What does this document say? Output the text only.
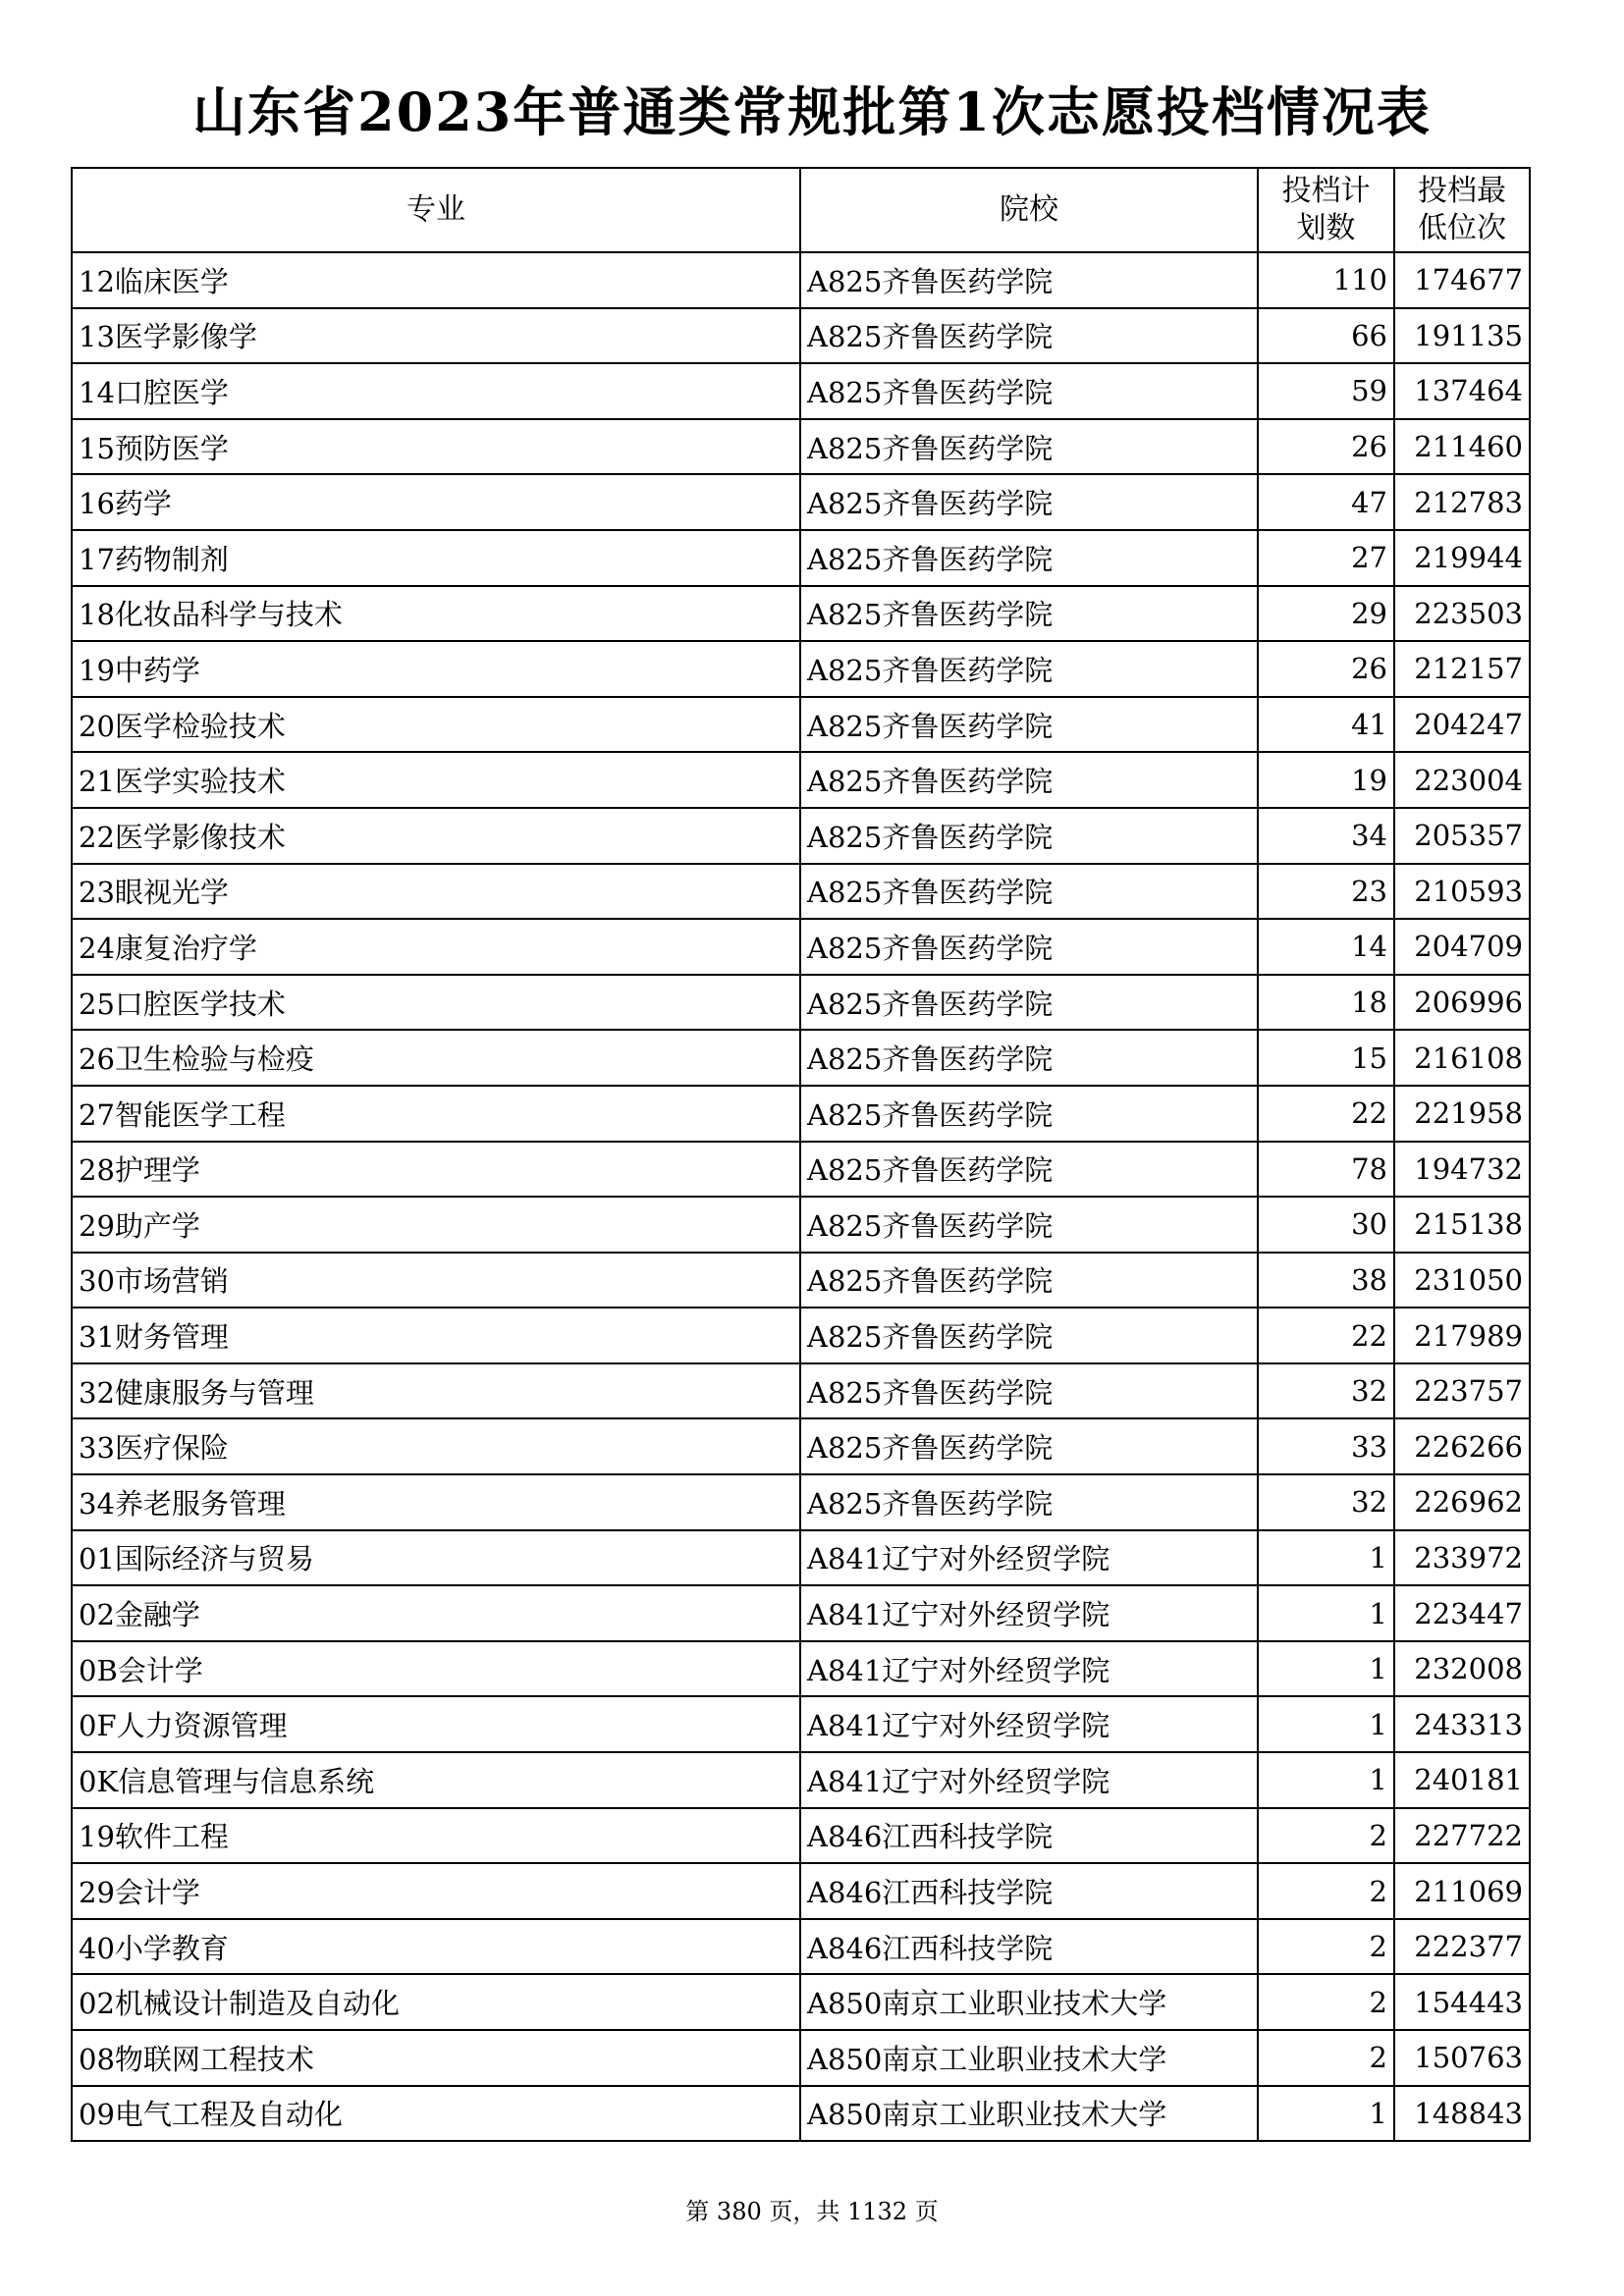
山东省2023年普通类常规批第1次志愿投档情况表
专业	院校	投档计划数	投档最低位次
12临床医学	A825齐鲁医药学院	110	174677
13医学影像学	A825齐鲁医药学院	66	191135
14口腔医学	A825齐鲁医药学院	59	137464
15预防医学	A825齐鲁医药学院	26	211460
16药学	A825齐鲁医药学院	47	212783
17药物制剂	A825齐鲁医药学院	27	219944
18化妆品科学与技术	A825齐鲁医药学院	29	223503
19中药学	A825齐鲁医药学院	26	212157
20医学检验技术	A825齐鲁医药学院	41	204247
21医学实验技术	A825齐鲁医药学院	19	223004
22医学影像技术	A825齐鲁医药学院	34	205357
23眼视光学	A825齐鲁医药学院	23	210593
24康复治疗学	A825齐鲁医药学院	14	204709
25口腔医学技术	A825齐鲁医药学院	18	206996
26卫生检验与检疫	A825齐鲁医药学院	15	216108
27智能医学工程	A825齐鲁医药学院	22	221958
28护理学	A825齐鲁医药学院	78	194732
29助产学	A825齐鲁医药学院	30	215138
30市场营销	A825齐鲁医药学院	38	231050
31财务管理	A825齐鲁医药学院	22	217989
32健康服务与管理	A825齐鲁医药学院	32	223757
33医疗保险	A825齐鲁医药学院	33	226266
34养老服务管理	A825齐鲁医药学院	32	226962
01国际经济与贸易	A841辽宁对外经贸学院	1	233972
02金融学	A841辽宁对外经贸学院	1	223447
0B会计学	A841辽宁对外经贸学院	1	232008
0F人力资源管理	A841辽宁对外经贸学院	1	243313
0K信息管理与信息系统	A841辽宁对外经贸学院	1	240181
19软件工程	A846江西科技学院	2	227722
29会计学	A846江西科技学院	2	211069
40小学教育	A846江西科技学院	2	222377
02机械设计制造及自动化	A850南京工业职业技术大学	2	154443
08物联网工程技术	A850南京工业职业技术大学	2	150763
09电气工程及自动化	A850南京工业职业技术大学	1	148843
第 380 页，共 1132 页
